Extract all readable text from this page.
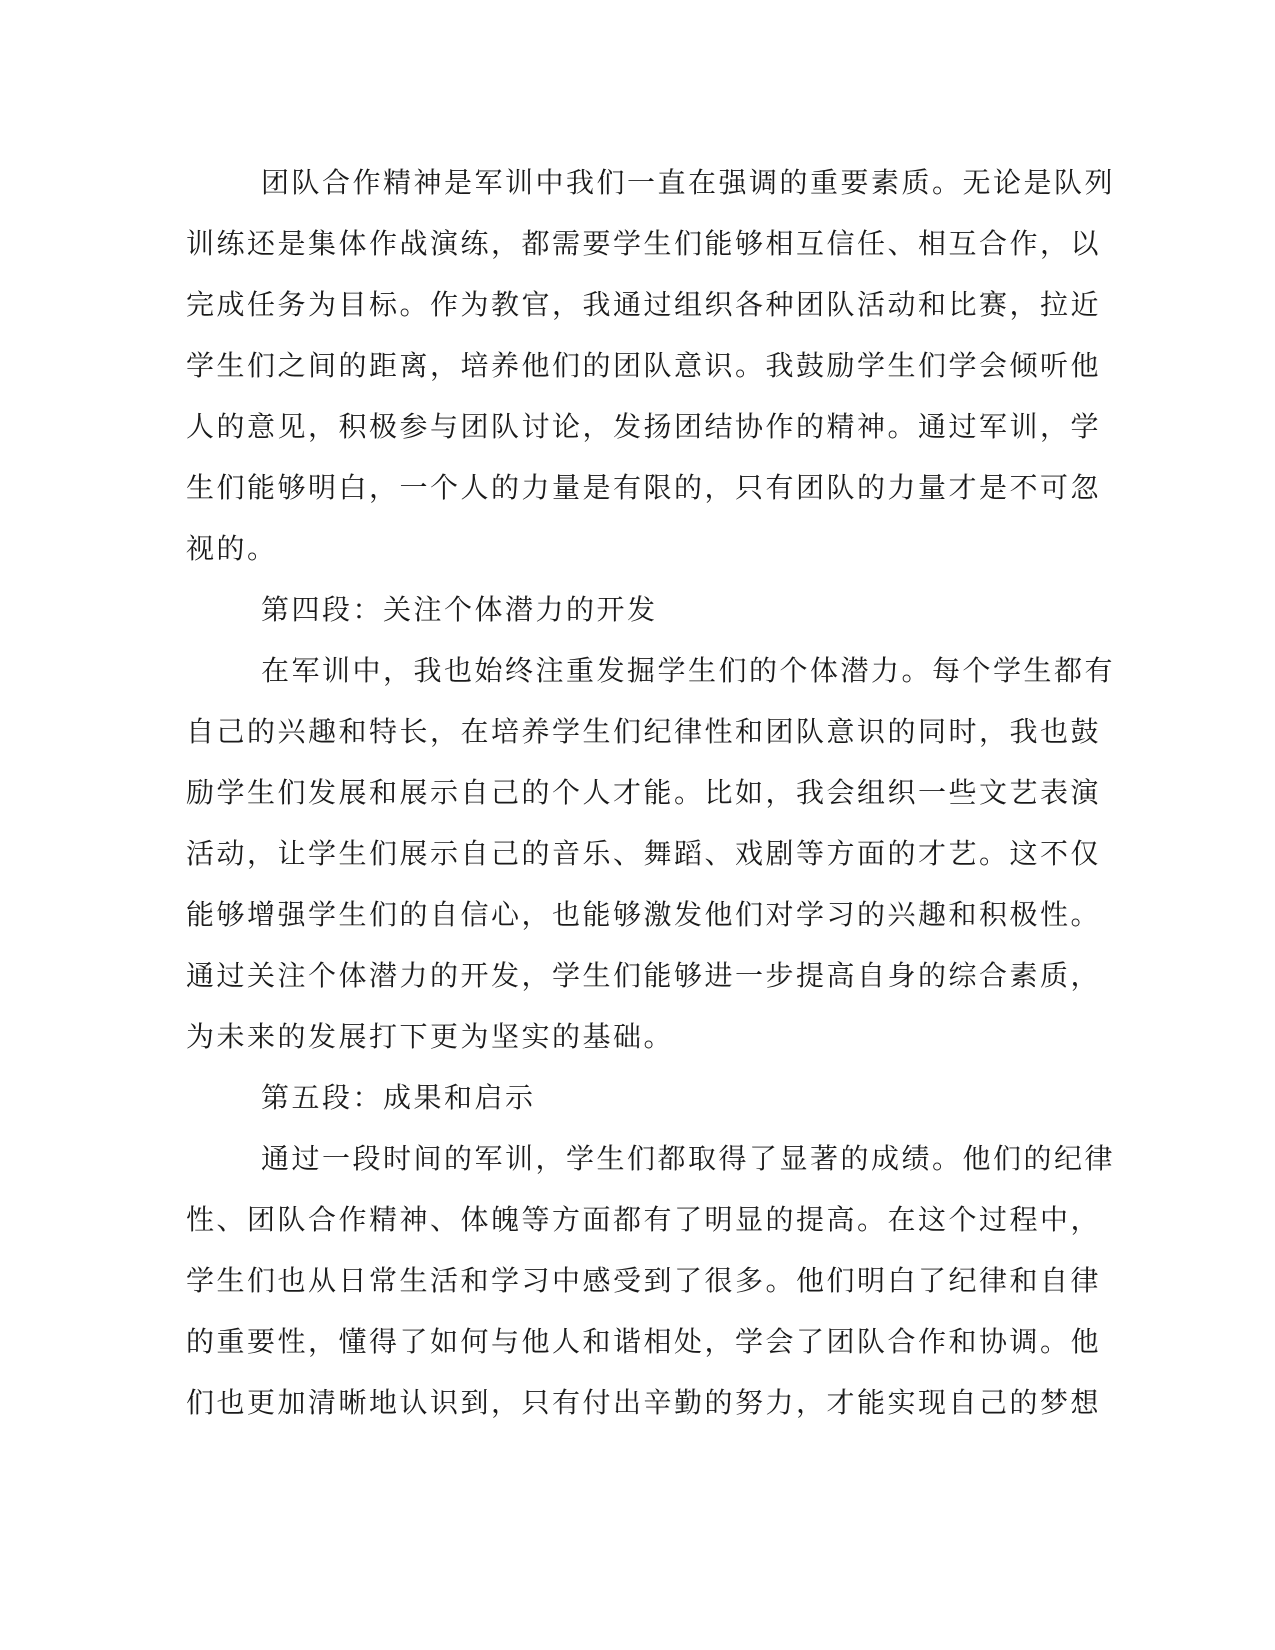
团队合作精神是军训中我们一直在强调的重要素质。无论是队列
训练还是集体作战演练，都需要学生们能够相互信任、相互合作，以
完成任务为目标。作为教官，我通过组织各种团队活动和比赛，拉近
学生们之间的距离，培养他们的团队意识。我鼓励学生们学会倾听他
人的意见，积极参与团队讨论，发扬团结协作的精神。通过军训，学
生们能够明白，一个人的力量是有限的，只有团队的力量才是不可忽
视的。
第四段：关注个体潜力的开发
在军训中，我也始终注重发掘学生们的个体潜力。每个学生都有
自己的兴趣和特长，在培养学生们纪律性和团队意识的同时，我也鼓
励学生们发展和展示自己的个人才能。比如，我会组织一些文艺表演
活动，让学生们展示自己的音乐、舞蹈、戏剧等方面的才艺。这不仅
能够增强学生们的自信心，也能够激发他们对学习的兴趣和积极性。
通过关注个体潜力的开发，学生们能够进一步提高自身的综合素质，
为未来的发展打下更为坚实的基础。
第五段：成果和启示
通过一段时间的军训，学生们都取得了显著的成绩。他们的纪律
性、团队合作精神、体魄等方面都有了明显的提高。在这个过程中，
学生们也从日常生活和学习中感受到了很多。他们明白了纪律和自律
的重要性，懂得了如何与他人和谐相处，学会了团队合作和协调。他
们也更加清晰地认识到，只有付出辛勤的努力，才能实现自己的梦想
